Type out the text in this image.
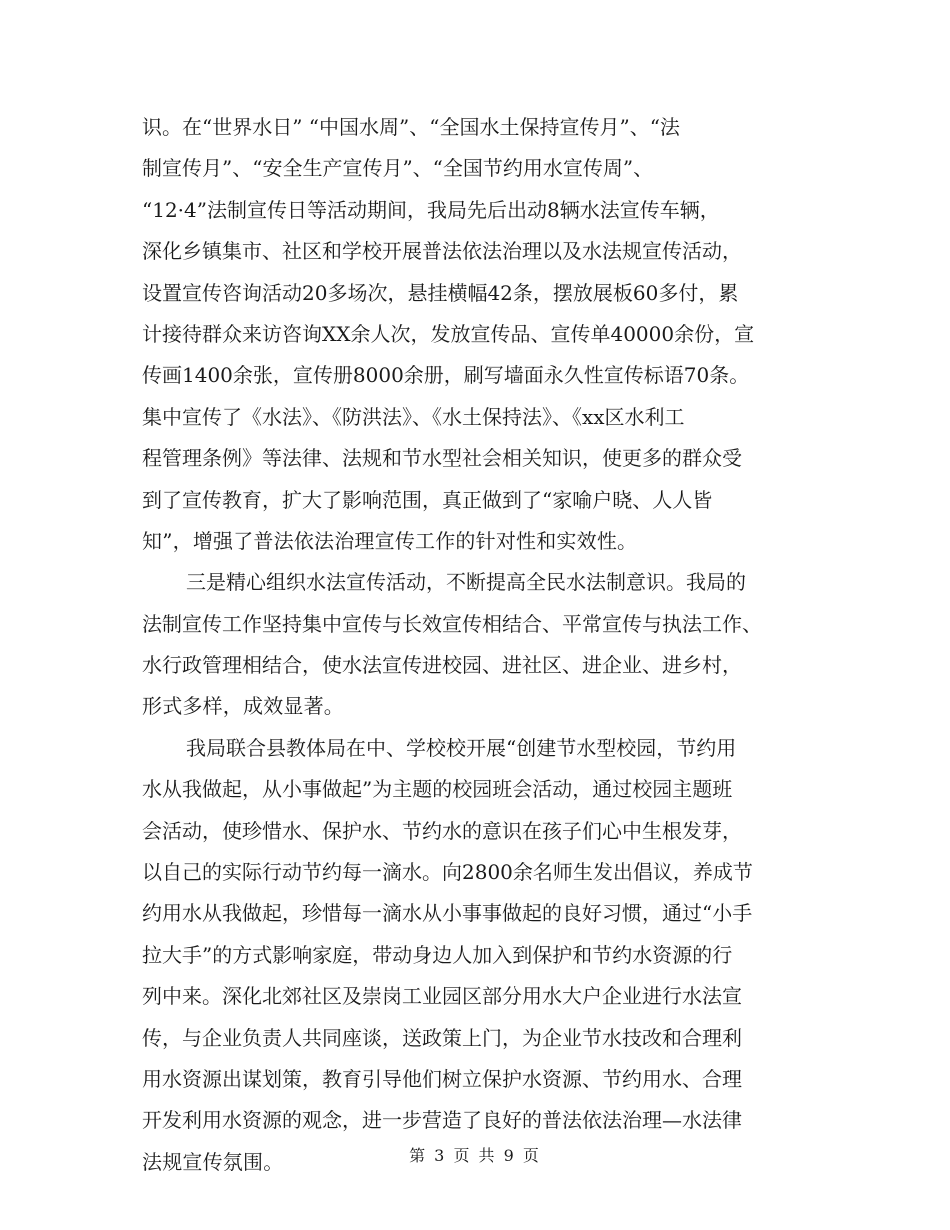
识。在“世界水日” “中国水周”、“全国水土保持宣传月”、“法
制宣传月”、“安全生产宣传月”、“全国节约用水宣传周”、
“12·4”法制宣传日等活动期间，我局先后出动8辆水法宣传车辆，
深化乡镇集市、社区和学校开展普法依法治理以及水法规宣传活动，
设置宣传咨询活动20多场次，悬挂横幅42条，摆放展板60多付，累
计接待群众来访咨询XX余人次，发放宣传品、宣传单40000余份，宣
传画1400余张，宣传册8000余册，刷写墙面永久性宣传标语70条。
集中宣传了《水法》、《防洪法》、《水土保持法》、《xx区水利工
程管理条例》等法律、法规和节水型社会相关知识，使更多的群众受
到了宣传教育，扩大了影响范围，真正做到了“家喻户晓、人人皆
知”，增强了普法依法治理宣传工作的针对性和实效性。
三是精心组织水法宣传活动，不断提高全民水法制意识。我局的
法制宣传工作坚持集中宣传与长效宣传相结合、平常宣传与执法工作、
水行政管理相结合，使水法宣传进校园、进社区、进企业、进乡村，
形式多样，成效显著。
我局联合县教体局在中、学校校开展“创建节水型校园，节约用
水从我做起，从小事做起”为主题的校园班会活动，通过校园主题班
会活动，使珍惜水、保护水、节约水的意识在孩子们心中生根发芽，
以自己的实际行动节约每一滴水。向2800余名师生发出倡议，养成节
约用水从我做起，珍惜每一滴水从小事事做起的良好习惯，通过“小手
拉大手”的方式影响家庭，带动身边人加入到保护和节约水资源的行
列中来。深化北郊社区及崇岗工业园区部分用水大户企业进行水法宣
传，与企业负责人共同座谈，送政策上门，为企业节水技改和合理利
用水资源出谋划策，教育引导他们树立保护水资源、节约用水、合理
开发利用水资源的观念，进一步营造了良好的普法依法治理—水法律
法规宣传氛围。	第 3 页 共 9 页
